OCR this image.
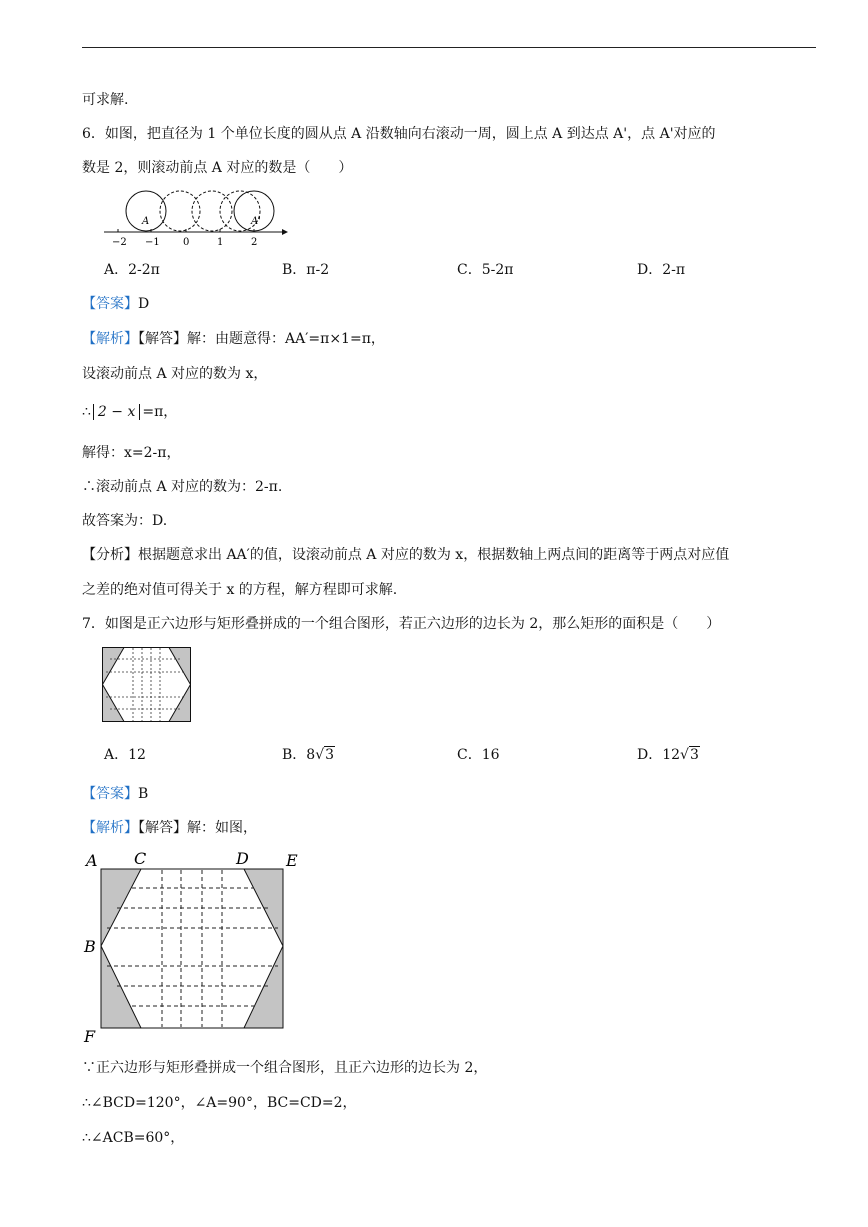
可求解.
6．如图，把直径为 1 个单位长度的圆从点 A 沿数轴向右滚动一周，圆上点 A 到达点 A'，点 A'对应的
数是 2，则滚动前点 A 对应的数是（　　）
−2 −1 0	1	2
A	A'
A．2-2π	B．π-2	C．5-2π	D．2-π
【答案】D
【解析】【解答】解：由题意得：AA′=π×1=π，
设滚动前点 A 对应的数为 x，
∴ 2 − x =π，
解得：x=2-π，
∴滚动前点 A 对应的数为：2-π.
故答案为：D.
【分析】根据题意求出 AA′的值，设滚动前点 A 对应的数为 x，根据数轴上两点间的距离等于两点对应值
之差的绝对值可得关于 x 的方程，解方程即可求解.
7．如图是正六边形与矩形叠拼成的一个组合图形，若正六边形的边长为 2，那么矩形的面积是（　　）
A．12	B．8√3	C．16	D．12√3
【答案】B
【解析】【解答】解：如图，
A C	D E
B
F
∵正六边形与矩形叠拼成一个组合图形，且正六边形的边长为 2，
∴∠BCD=120°，∠A=90°，BC=CD=2，
∴∠ACB=60°，
